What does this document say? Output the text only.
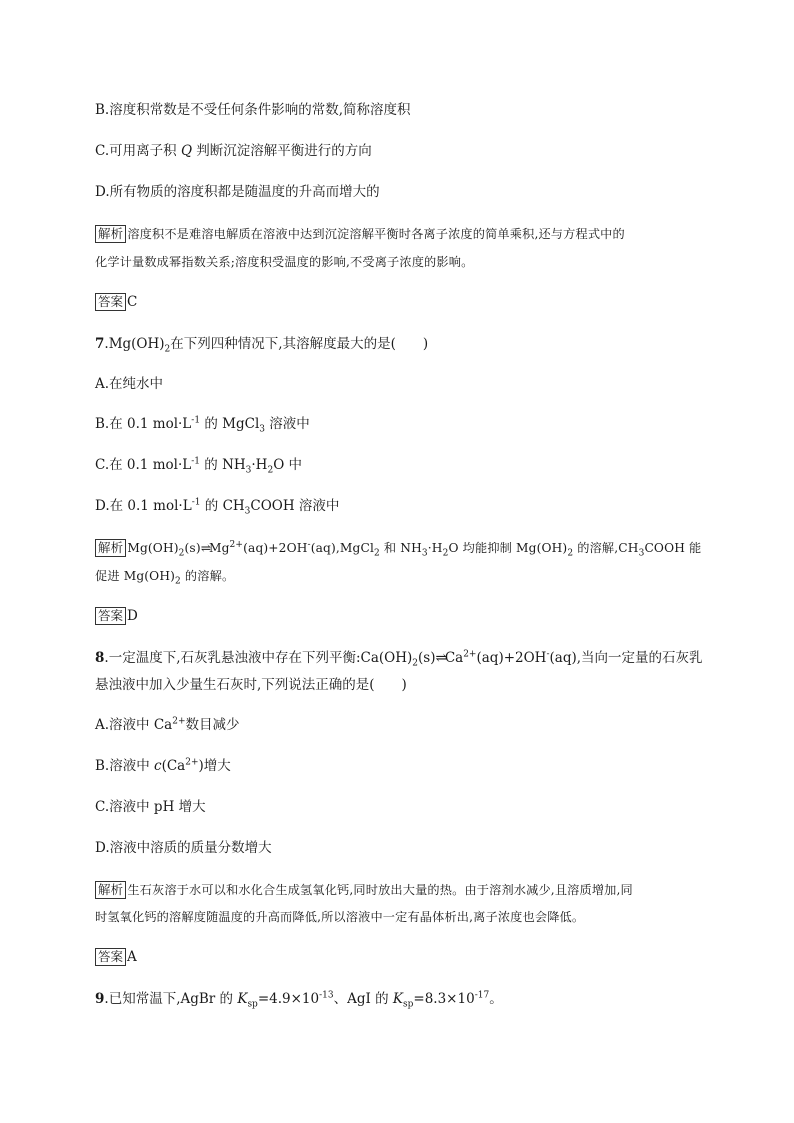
B.溶度积常数是不受任何条件影响的常数,简称溶度积
C.可用离子积 Q 判断沉淀溶解平衡进行的方向
D.所有物质的溶度积都是随温度的升高而增大的
解析 溶度积不是难溶电解质在溶液中达到沉淀溶解平衡时各离子浓度的简单乘积,还与方程式中的
化学计量数成幂指数关系;溶度积受温度的影响,不受离子浓度的影响。
答案 C
$7.Mg(OH)_2$在下列四种情况下,其溶解度最大的是(　　)
A.在纯水中
B.在 0.1 $mol\cdot L^{-1}$ 的 MgCl$_3$ 溶液中
C.在 0.1 $mol\cdot L^{-1}$ 的 $NH_3\cdot H_2O$ 中
D.在 0.1 $mol\cdot L^{-1}$ 的 $CH_3COOH$ 溶液中
解析 $Mg(OH)_2(s)\rightleftharpoons Mg^{2+}(aq)+2OH^-(aq),MgCl_2$ 和 $NH_3\cdot H_2O$ 均能抑制 $Mg(OH)_2$ 的溶解$,CH_3COOH$ 能
促进 $Mg(OH)_2$ 的溶解。
答案 D
8.一定温度下,石灰乳悬浊液中存在下列平衡$:Ca(OH)_2(s)\rightleftharpoons Ca^{2+}(aq)+2OH^-(aq)$,当向一定量的石灰乳
悬浊液中加入少量生石灰时,下列说法正确的是(　　)
A.溶液中 $Ca^{2+}$数目减少
B.溶液中 $c(Ca^{2+})$增大
C.溶液中 pH 增大
D.溶液中溶质的质量分数增大
解析 生石灰溶于水可以和水化合生成氢氧化钙,同时放出大量的热。由于溶剂水减少,且溶质增加,同
时氢氧化钙的溶解度随温度的升高而降低,所以溶液中一定有晶体析出,离子浓度也会降低。
答案 A
9.已知常温下,AgBr 的 $K_{sp}=4.9\times 10^{-13}$、AgI 的 $K_{sp}=8.3\times 10^{-17}$。
